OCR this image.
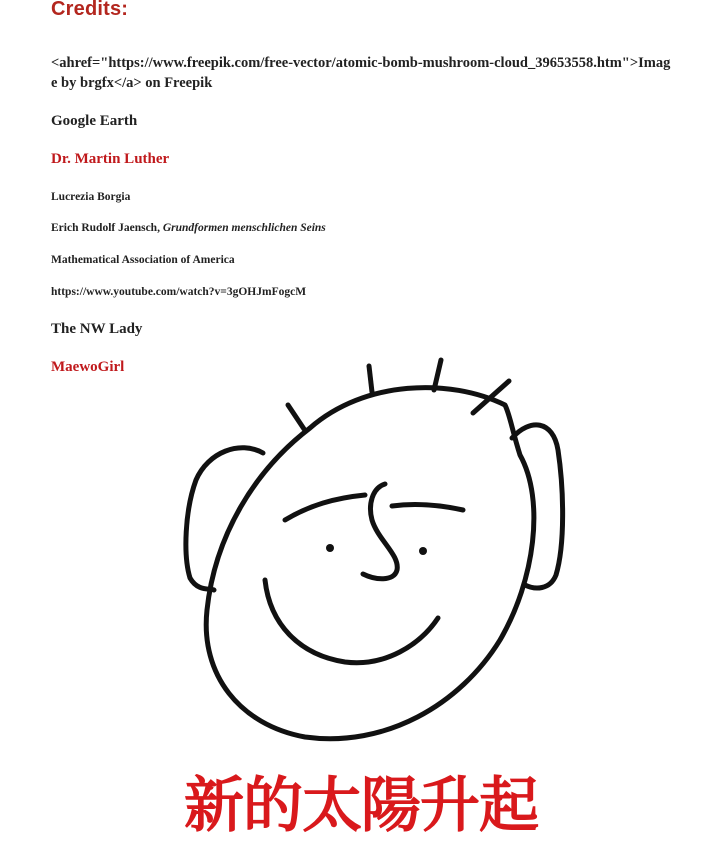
Credits:

<ahref="https://www.freepik.com/free-vector/atomic-bomb-mushroom-cloud_39653558.htm">Image by brgfx</a> on Freepik

Google Earth

Dr. Martin Luther

Lucrezia Borgia

Erich Rudolf Jaensch, Grundformen menschlichen Seins

Mathematical Association of America

https://www.youtube.com/watch?v=3gOHJmFogcM

The NW Lady

MaewoGirl

新的太陽升起
